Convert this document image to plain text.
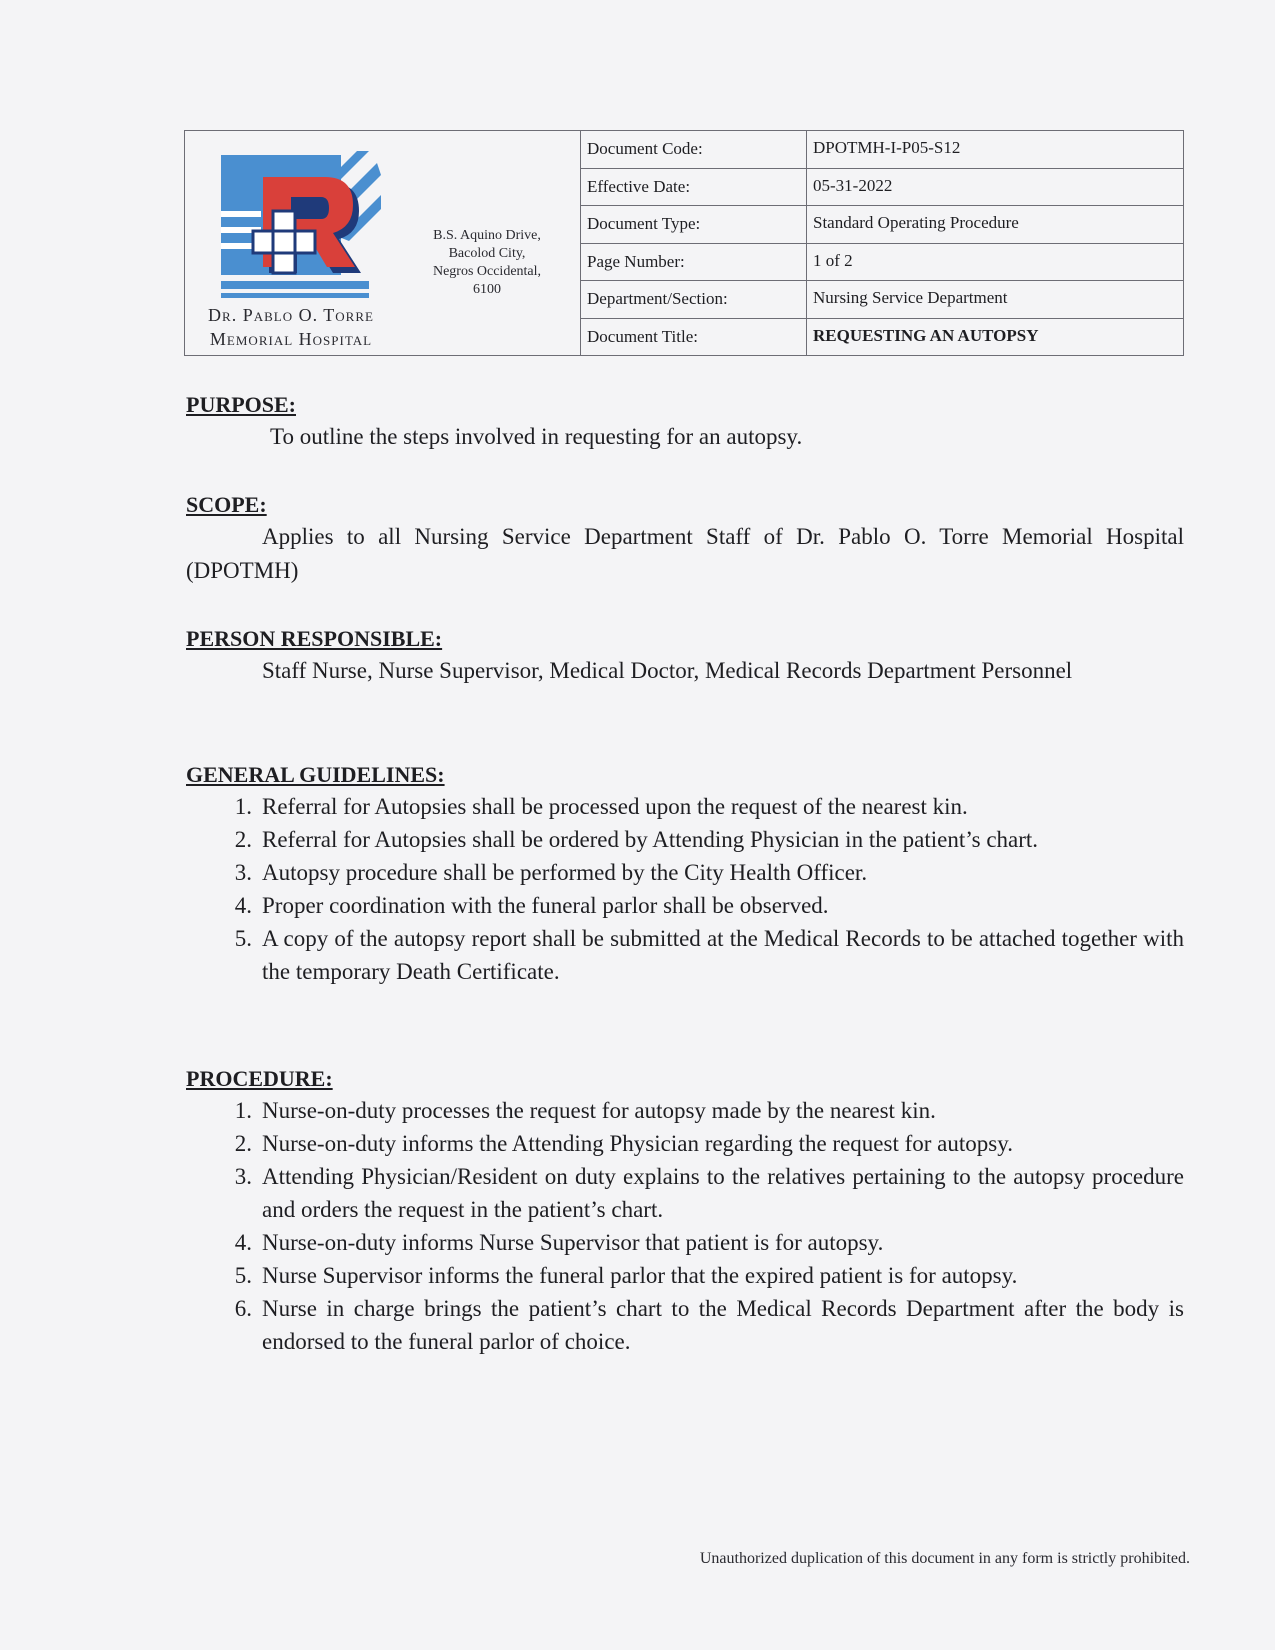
Dr. Pablo O. Torre
Memorial Hospital
B.S. Aquino Drive,
Bacolod City,
Negros Occidental,
6100
Document Code:	DPOTMH-I-P05-S12
Effective Date:	05-31-2022
Document Type:	Standard Operating Procedure
Page Number:	1 of 2
Department/Section:	Nursing Service Department
Document Title:	REQUESTING AN AUTOPSY

PURPOSE:

To outline the steps involved in requesting for an autopsy.

SCOPE:

Applies to all Nursing Service Department Staff of Dr. Pablo O. Torre Memorial Hospital (DPOTMH)

PERSON RESPONSIBLE:

Staff Nurse, Nurse Supervisor, Medical Doctor, Medical Records Department Personnel

GENERAL GUIDELINES:

1. Referral for Autopsies shall be processed upon the request of the nearest kin.
2. Referral for Autopsies shall be ordered by Attending Physician in the patient’s chart.
3. Autopsy procedure shall be performed by the City Health Officer.
4. Proper coordination with the funeral parlor shall be observed.
5. A copy of the autopsy report shall be submitted at the Medical Records to be attached together with the temporary Death Certificate.

PROCEDURE:

1. Nurse-on-duty processes the request for autopsy made by the nearest kin.
2. Nurse-on-duty informs the Attending Physician regarding the request for autopsy.
3. Attending Physician/Resident on duty explains to the relatives pertaining to the autopsy procedure and orders the request in the patient’s chart.
4. Nurse-on-duty informs Nurse Supervisor that patient is for autopsy.
5. Nurse Supervisor informs the funeral parlor that the expired patient is for autopsy.
6. Nurse in charge brings the patient’s chart to the Medical Records Department after the body is endorsed to the funeral parlor of choice.
Unauthorized duplication of this document in any form is strictly prohibited.
